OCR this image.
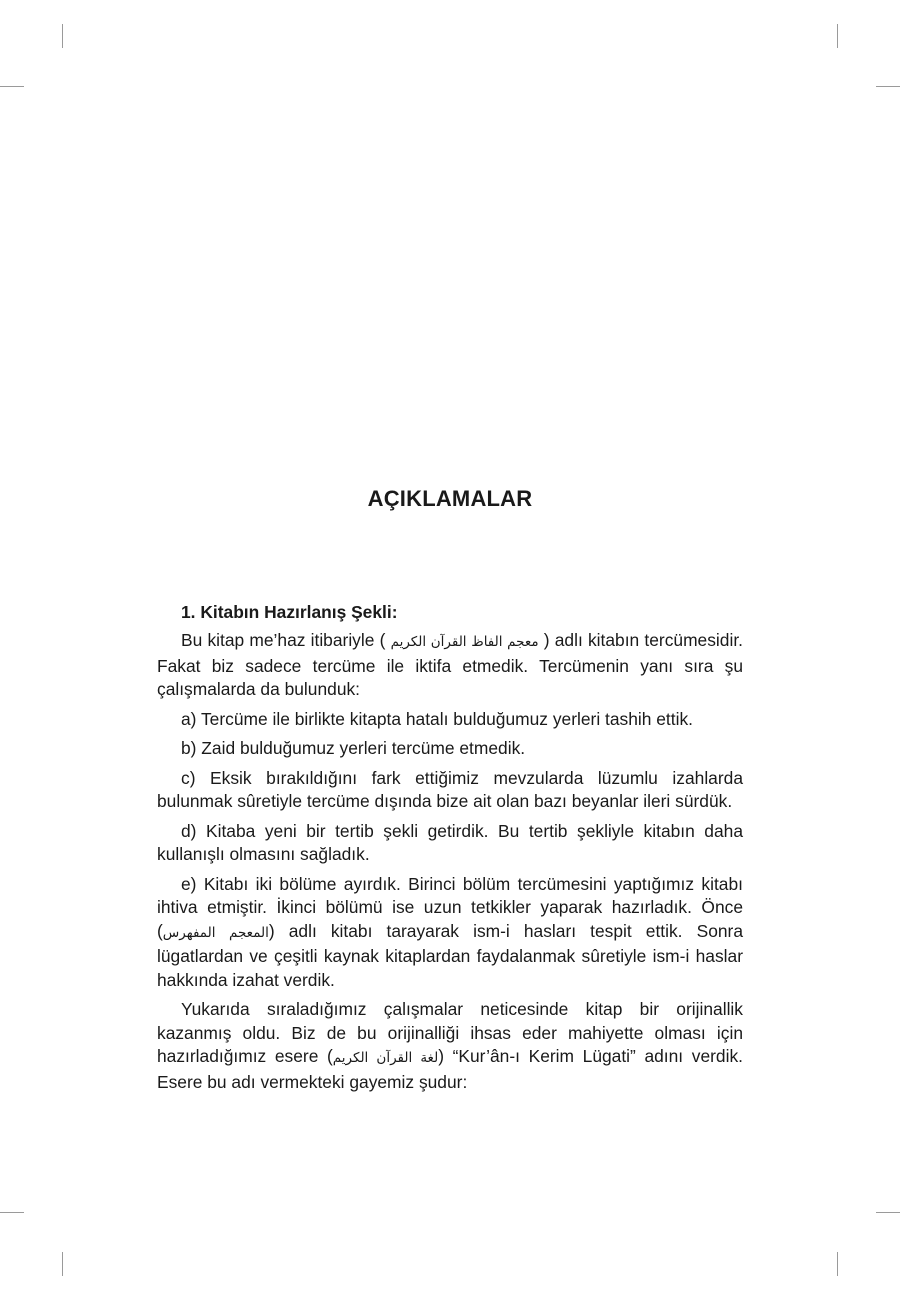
AÇIKLAMALAR
1. Kitabın Hazırlanış Şekli:

Bu kitap me’haz itibariyle ( معجم الفاظ القرآن الكريم ) adlı kitabın tercümesidir. Fakat biz sadece tercüme ile iktifa etmedik. Tercümenin yanı sıra şu çalışmalarda da bulunduk:

a) Tercüme ile birlikte kitapta hatalı bulduğumuz yerleri tashih ettik.

b) Zaid bulduğumuz yerleri tercüme etmedik.

c) Eksik bırakıldığını fark ettiğimiz mevzularda lüzumlu izahlarda bulunmak sûretiyle tercüme dışında bize ait olan bazı beyanlar ileri sürdük.

d) Kitaba yeni bir tertib şekli getirdik. Bu tertib şekliyle kitabın daha kullanışlı olmasını sağladık.

e) Kitabı iki bölüme ayırdık. Birinci bölüm tercümesini yaptığımız kitabı ihtiva etmiştir. İkinci bölümü ise uzun tetkikler yaparak hazırladık. Önce (المعجم المفهرس) adlı kitabı tarayarak ism-i hasları tespit ettik. Sonra lügatlardan ve çeşitli kaynak kitaplardan faydalanmak sûretiyle ism-i haslar hakkında izahat verdik.

Yukarıda sıraladığımız çalışmalar neticesinde kitap bir orijinallik kazanmış oldu. Biz de bu orijinalliği ihsas eder mahiyette olması için hazırladığımız esere (لغة القرآن الكريم) “Kur’ân-ı Kerim Lügati” adını verdik. Esere bu adı vermekteki gayemiz şudur:
